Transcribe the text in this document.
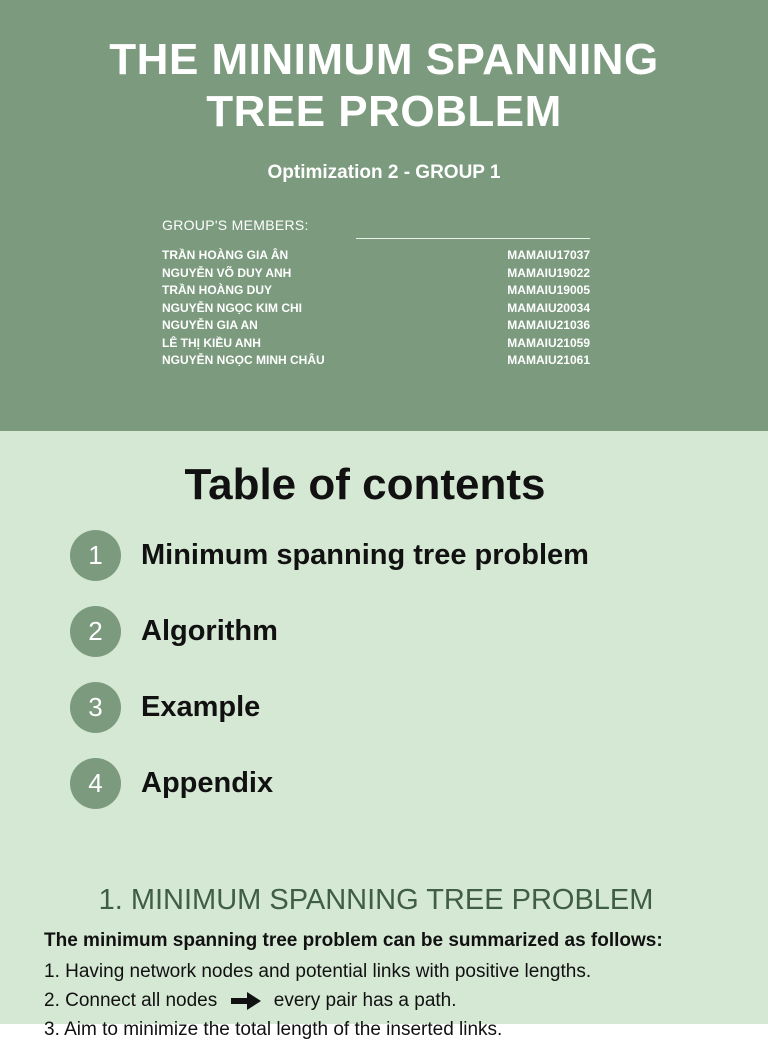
THE MINIMUM SPANNING
TREE PROBLEM
Optimization 2 - GROUP 1
GROUP'S MEMBERS:
TRẦN HOÀNG GIA ÂN	MAMAIU17037
NGUYỄN VÕ DUY ANH	MAMAIU19022
TRẦN HOÀNG DUY	MAMAIU19005
NGUYỄN NGỌC KIM CHI	MAMAIU20034
NGUYỄN GIA AN	MAMAIU21036
LÊ THỊ KIỀU ANH	MAMAIU21059
NGUYỄN NGỌC MINH CHÂU	MAMAIU21061
Table of contents
1	Minimum spanning tree problem
2	Algorithm
3	Example
4	Appendix
1. MINIMUM SPANNING TREE PROBLEM
The minimum spanning tree problem can be summarized as follows:
1. Having network nodes and potential links with positive lengths.
2. Connect all nodes	every pair has a path.
3. Aim to minimize the total length of the inserted links.
